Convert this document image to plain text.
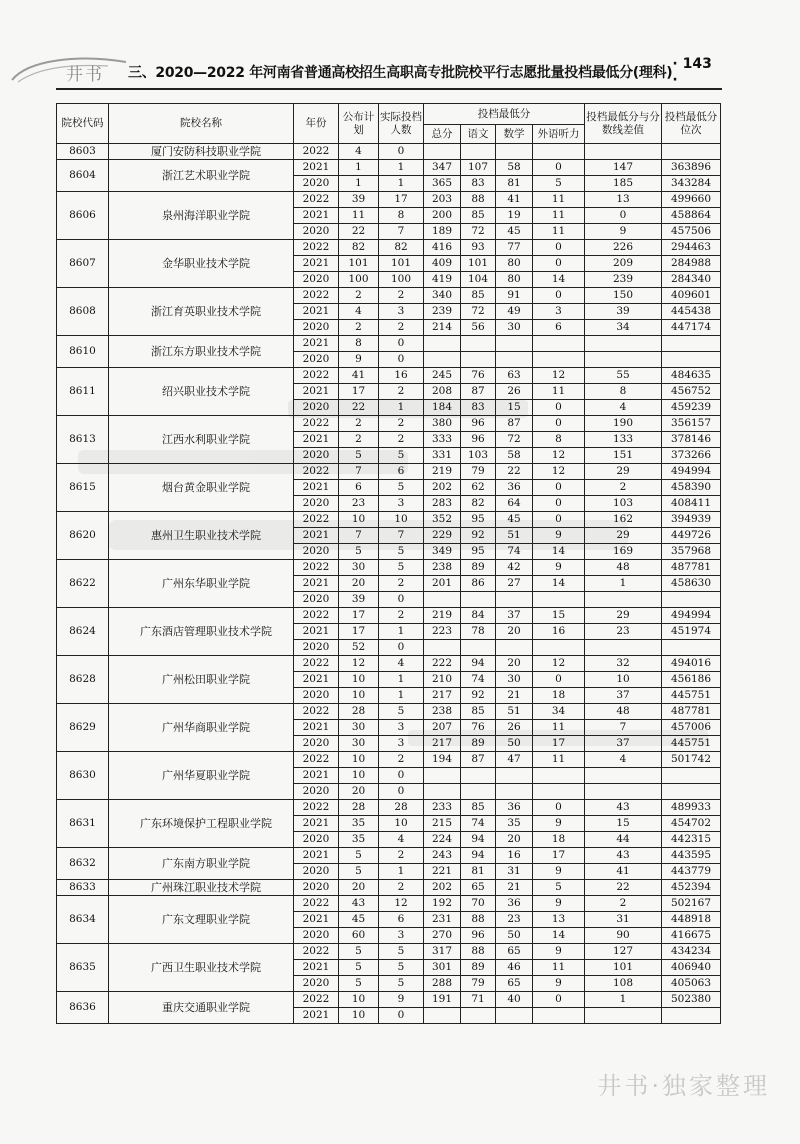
井书 三、2020—2022 年河南省普通高校招生高职高专批院校平行志愿批量投档最低分(理科)
· 143 ·
院校代码	院校名称	年份	公布计划	实际投档人数	投档最低分				投档最低分与分数线差值	投档最低分位次
					总分	语文	数学	外语听力		
8603	厦门安防科技职业学院	2022	4	0						
8604	浙江艺术职业学院	2021	1	1	347	107	58	0	147	363896
		2020	1	1	365	83	81	5	185	343284
8606	泉州海洋职业学院	2022	39	17	203	88	41	11	13	499660
		2021	11	8	200	85	19	11	0	458864
		2020	22	7	189	72	45	11	9	457506
8607	金华职业技术学院	2022	82	82	416	93	77	0	226	294463
		2021	101	101	409	101	80	0	209	284988
		2020	100	100	419	104	80	14	239	284340
8608	浙江育英职业技术学院	2022	2	2	340	85	91	0	150	409601
		2021	4	3	239	72	49	3	39	445438
		2020	2	2	214	56	30	6	34	447174
8610	浙江东方职业技术学院	2021	8	0						
		2020	9	0						
8611	绍兴职业技术学院	2022	41	16	245	76	63	12	55	484635
		2021	17	2	208	87	26	11	8	456752
		2020	22	1	184	83	15	0	4	459239
8613	江西水利职业学院	2022	2	2	380	96	87	0	190	356157
		2021	2	2	333	96	72	8	133	378146
		2020	5	5	331	103	58	12	151	373266
8615	烟台黄金职业学院	2022	7	6	219	79	22	12	29	494994
		2021	6	5	202	62	36	0	2	458390
		2020	23	3	283	82	64	0	103	408411
8620	惠州卫生职业技术学院	2022	10	10	352	95	45	0	162	394939
		2021	7	7	229	92	51	9	29	449726
		2020	5	5	349	95	74	14	169	357968
8622	广州东华职业学院	2022	30	5	238	89	42	9	48	487781
		2021	20	2	201	86	27	14	1	458630
		2020	39	0						
8624	广东酒店管理职业技术学院	2022	17	2	219	84	37	15	29	494994
		2021	17	1	223	78	20	16	23	451974
		2020	52	0						
8628	广州松田职业学院	2022	12	4	222	94	20	12	32	494016
		2021	10	1	210	74	30	0	10	456186
		2020	10	1	217	92	21	18	37	445751
8629	广州华商职业学院	2022	28	5	238	85	51	34	48	487781
		2021	30	3	207	76	26	11	7	457006
		2020	30	3	217	89	50	17	37	445751
8630	广州华夏职业学院	2022	10	2	194	87	47	11	4	501742
		2021	10	0						
		2020	20	0						
8631	广东环境保护工程职业学院	2022	28	28	233	85	36	0	43	489933
		2021	35	10	215	74	35	9	15	454702
		2020	35	4	224	94	20	18	44	442315
8632	广东南方职业学院	2021	5	2	243	94	16	17	43	443595
		2020	5	1	221	81	31	9	41	443779
8633	广州珠江职业技术学院	2020	20	2	202	65	21	5	22	452394
8634	广东文理职业学院	2022	43	12	192	70	36	9	2	502167
		2021	45	6	231	88	23	13	31	448918
		2020	60	3	270	96	50	14	90	416675
8635	广西卫生职业技术学院	2022	5	5	317	88	65	9	127	434234
		2021	5	5	301	89	46	11	101	406940
		2020	5	5	288	79	65	9	108	405063
8636	重庆交通职业学院	2022	10	9	191	71	40	0	1	502380
		2021	10	0						
井书·独家整理
